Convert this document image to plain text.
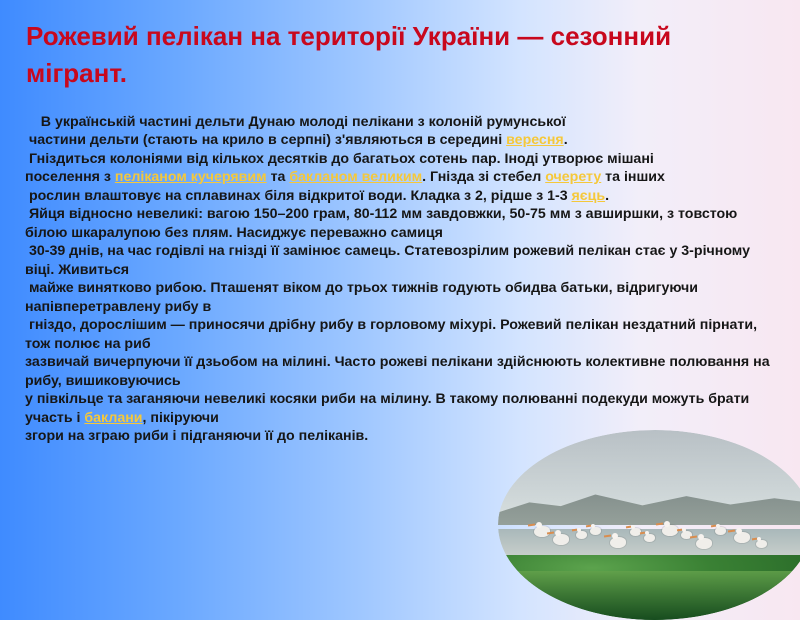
Рожевий пелікан на території України — сезонний мігрант.

В українській частині дельти Дунаю молоді пелікани з колоній румунської
частини дельти (стають на крило в серпні) з'являються в середині вересня.
Гніздиться колоніями від кількох десятків до багатьох сотень пар. Іноді утворює мішані
поселення з пеліканом кучерявим та бакланом великим. Гнізда зі стебел очерету та інших
рослин влаштовує на сплавинах біля відкритої води. Кладка з 2, рідше з 1-3 яєць.
Яйця відносно невеликі: вагою 150–200 грам, 80-112 мм завдовжки, 50-75 мм з авширшки, з товстою білою шкаралупою без плям. Насиджує переважно самиця
30-39 днів, на час годівлі на гнізді її замінює самець. Статевозрілим рожевий пелікан стає у 3-річному віці. Живиться
майже винятково рибою. Пташенят віком до трьох тижнів годують обидва батьки, відригуючи напівперетравлену рибу в
гніздо, дорослішим — приносячи дрібну рибу в горловому міхурі. Рожевий пелікан нездатний пірнати, тож полює на риб
зазвичай вичерпуючи її дзьобом на мілині. Часто рожеві пелікани здійснюють колективне полювання на рибу, вишиковуючись
у півкільце та заганяючи невеликі косяки риби на мілину. В такому полюванні подекуди можуть брати участь і баклани, пікіруючи
згори на зграю риби і підганяючи її до пеліканів.
